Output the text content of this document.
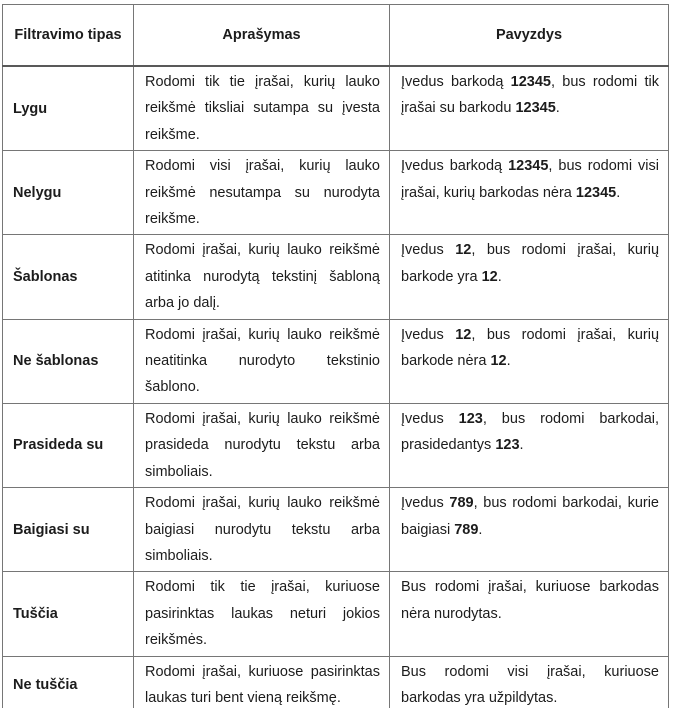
Filtravimo tipas	Aprašymas	Pavyzdys
Lygu	Rodomi tik tie įrašai, kurių lauko reikšmė tiksliai sutampa su įvesta reikšme.	Įvedus barkodą 12345, bus rodomi tik įrašai su barkodu 12345.
Nelygu	Rodomi visi įrašai, kurių lauko reikšmė nesutampa su nurodyta reikšme.	Įvedus barkodą 12345, bus rodomi visi įrašai, kurių barkodas nėra 12345.
Šablonas	Rodomi įrašai, kurių lauko reikšmė atitinka nurodytą tekstinį šabloną arba jo dalį.	Įvedus 12, bus rodomi įrašai, kurių barkode yra 12.
Ne šablonas	Rodomi įrašai, kurių lauko reikšmė neatitinka nurodyto tekstinio šablono.	Įvedus 12, bus rodomi įrašai, kurių barkode nėra 12.
Prasideda su	Rodomi įrašai, kurių lauko reikšmė prasideda nurodytu tekstu arba simboliais.	Įvedus 123, bus rodomi barkodai, prasidedantys 123.
Baigiasi su	Rodomi įrašai, kurių lauko reikšmė baigiasi nurodytu tekstu arba simboliais.	Įvedus 789, bus rodomi barkodai, kurie baigiasi 789.
Tuščia	Rodomi tik tie įrašai, kuriuose pasirinktas laukas neturi jokios reikšmės.	Bus rodomi įrašai, kuriuose barkodas nėra nurodytas.
Ne tuščia	Rodomi įrašai, kuriuose pasirinktas laukas turi bent vieną reikšmę.	Bus rodomi visi įrašai, kuriuose barkodas yra užpildytas.
